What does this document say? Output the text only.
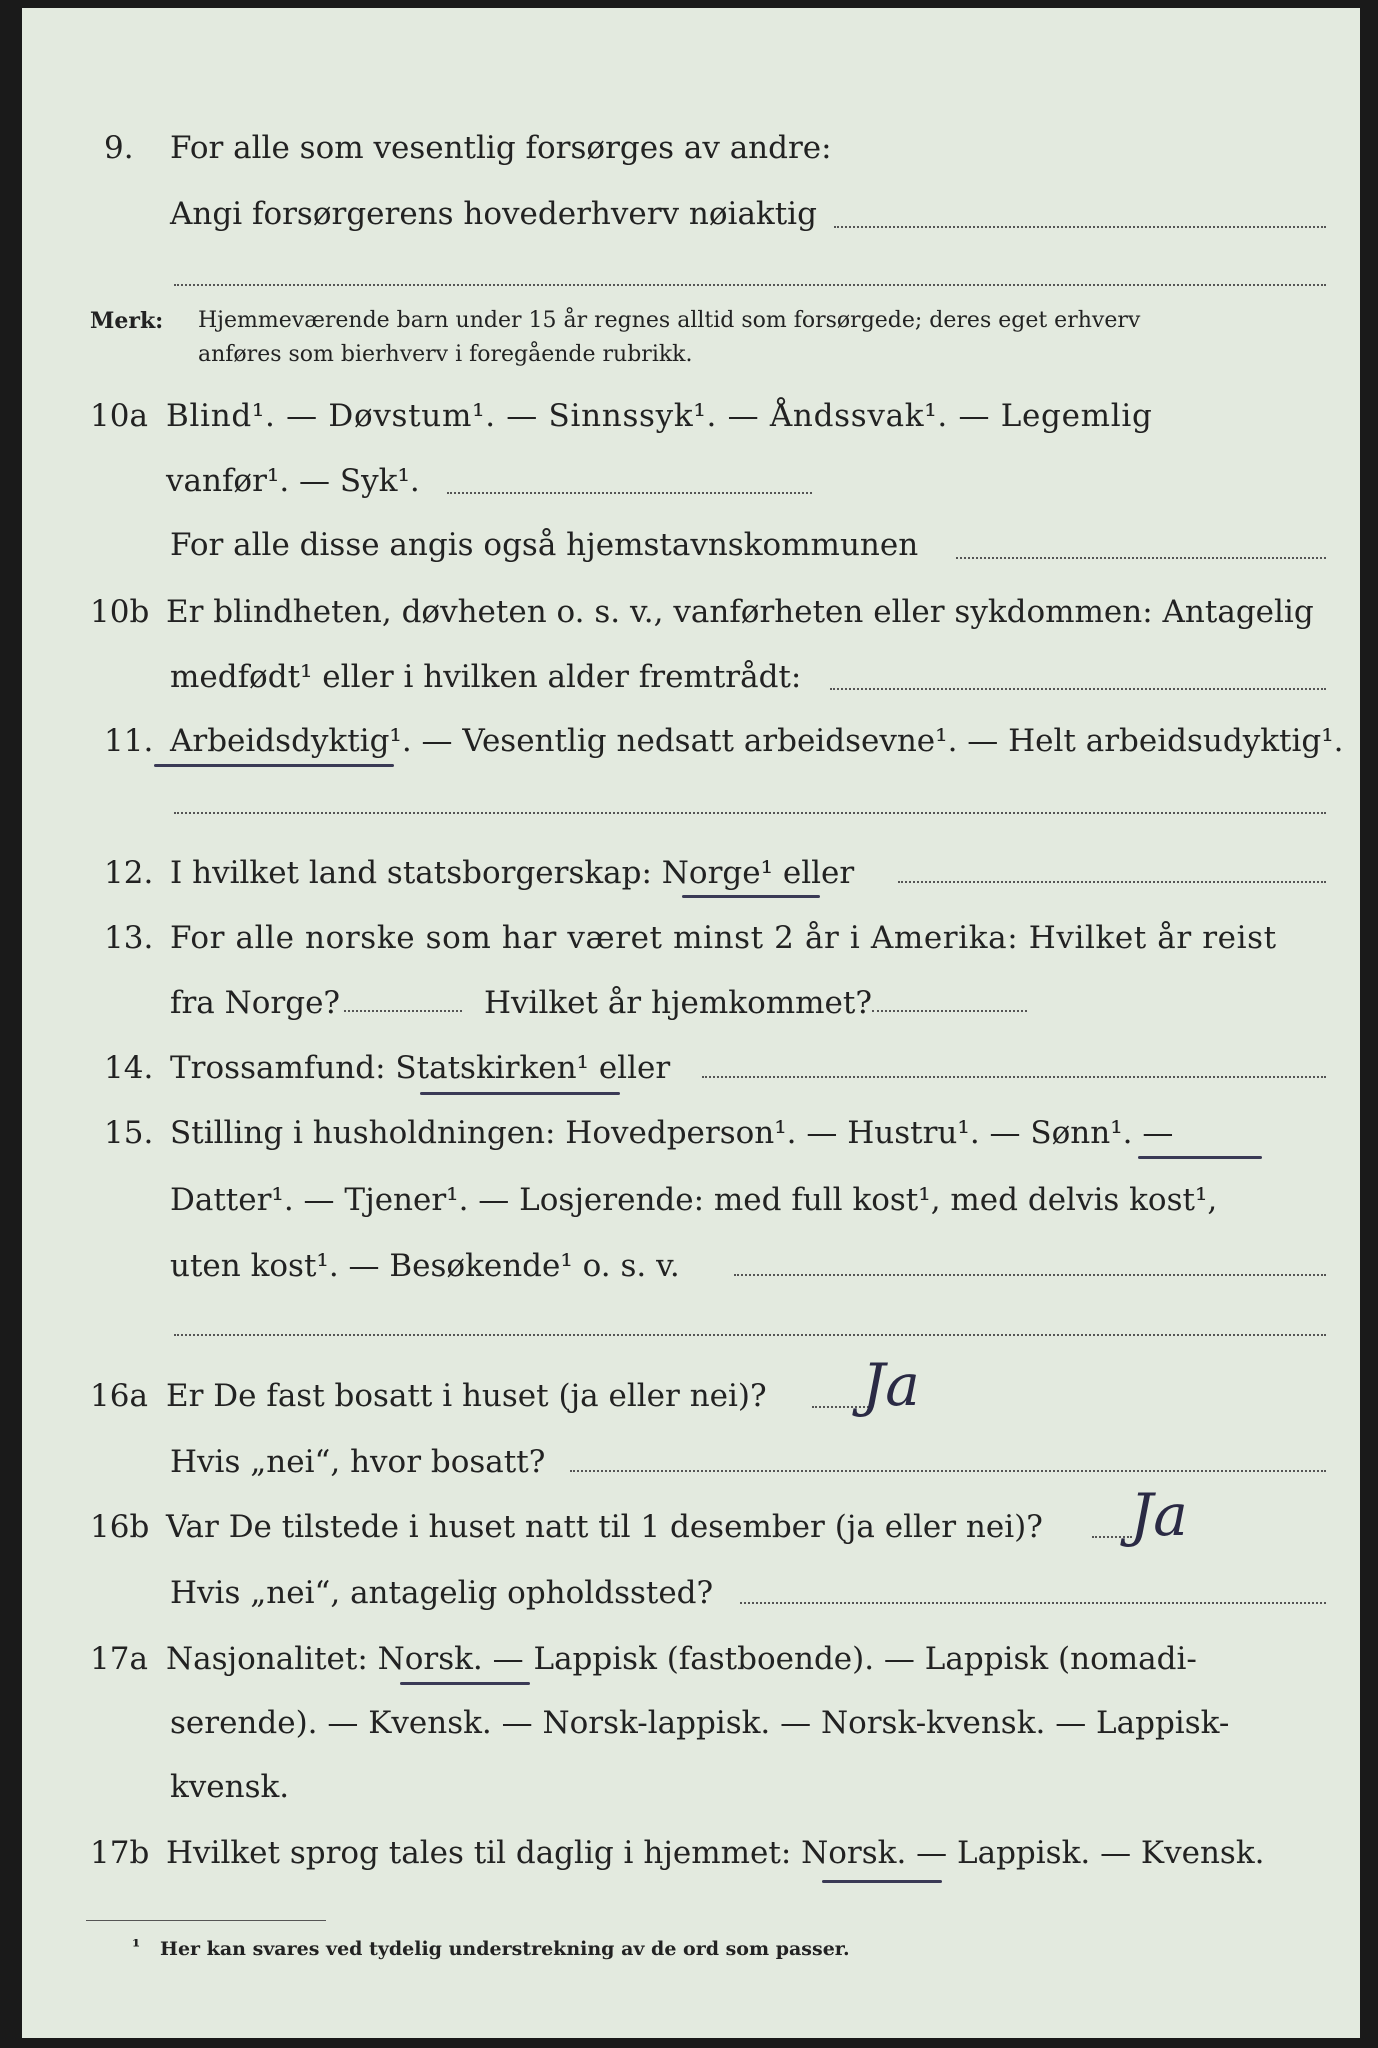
9. For alle som vesentlig forsørges av andre:
Angi forsørgerens hovederhverv nøiaktig
Merk: Hjemmeværende barn under 15 år regnes alltid som forsørgede; deres eget erhverv
anføres som bierhverv i foregående rubrikk.
10a Blind¹. — Døvstum¹. — Sinnssyk¹. — Åndssvak¹. — Legemlig
vanfør¹. — Syk¹.
For alle disse angis også hjemstavnskommunen
10b Er blindheten, døvheten o. s. v., vanførheten eller sykdommen: Antagelig
medfødt¹ eller i hvilken alder fremtrådt:
11. Arbeidsdyktig¹. — Vesentlig nedsatt arbeidsevne¹. — Helt arbeidsudyktig¹.
12. I hvilket land statsborgerskap: Norge¹ eller
13. For alle norske som har været minst 2 år i Amerika: Hvilket år reist
fra Norge?	Hvilket år hjemkommet?
14. Trossamfund: Statskirken¹ eller
15. Stilling i husholdningen: Hovedperson¹. — Hustru¹. — Sønn¹. —
Datter¹. — Tjener¹. — Losjerende: med full kost¹, med delvis kost¹,
uten kost¹. — Besøkende¹ o. s. v.
16a Er De fast bosatt i huset (ja eller nei)? Ja
Hvis „nei“, hvor bosatt?
16b Var De tilstede i huset natt til 1 desember (ja eller nei)? Ja
Hvis „nei“, antagelig opholdssted?
17a Nasjonalitet: Norsk. — Lappisk (fastboende). — Lappisk (nomadi-
serende). — Kvensk. — Norsk-lappisk. — Norsk-kvensk. — Lappisk-
kvensk.
17b Hvilket sprog tales til daglig i hjemmet: Norsk. — Lappisk. — Kvensk.
¹ Her kan svares ved tydelig understrekning av de ord som passer.
